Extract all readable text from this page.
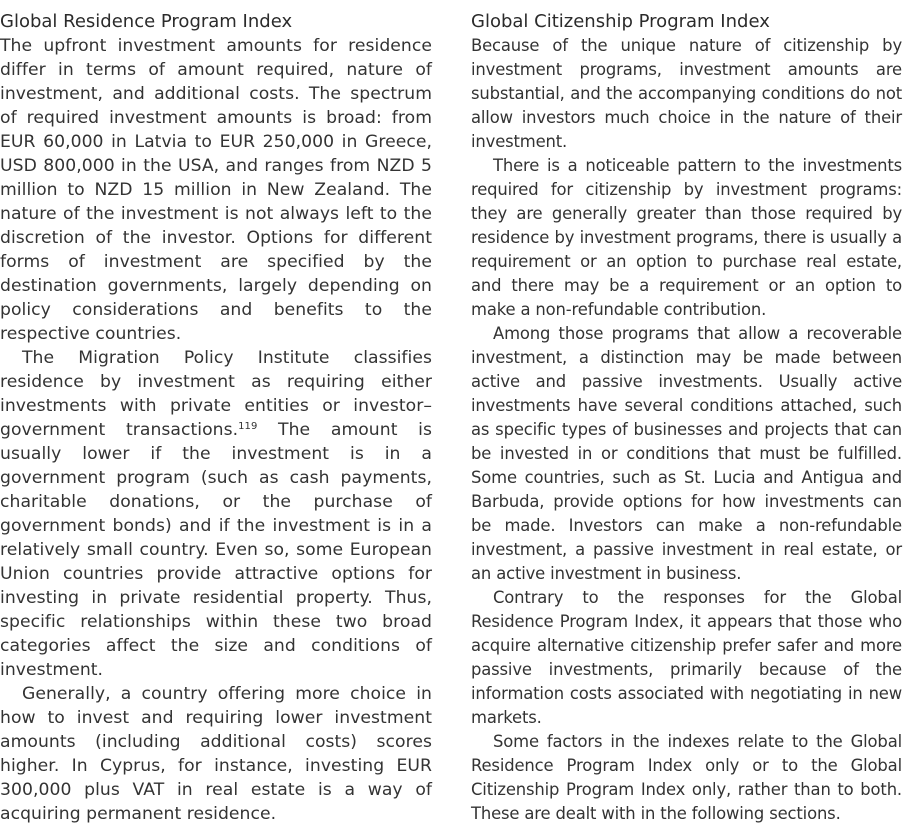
Global Residence Program Index

The upfront investment amounts for residence differ in terms of amount required, nature of investment, and additional costs. The spectrum of required investment amounts is broad: from EUR 60,000 in Latvia to EUR 250,000 in Greece, USD 800,000 in the USA, and ranges from NZD 5 million to NZD 15 million in New Zealand. The nature of the investment is not always left to the discretion of the investor. Options for different forms of investment are specified by the destination governments, largely depending on policy considerations and benefits to the respective countries.

The Migration Policy Institute classifies residence by investment as requiring either investments with private entities or investor–government transactions.$^{119}$ The amount is usually lower if the investment is in a government program (such as cash payments, charitable donations, or the purchase of government bonds) and if the investment is in a relatively small country. Even so, some European Union countries provide attractive options for investing in private residential property. Thus, specific relationships within these two broad categories affect the size and conditions of investment.

Generally, a country offering more choice in how to invest and requiring lower investment amounts (including additional costs) scores higher. In Cyprus, for instance, investing EUR 300,000 plus VAT in real estate is a way of acquiring permanent residence.

Global Citizenship Program Index

Because of the unique nature of citizenship by investment programs, investment amounts are substantial, and the accompanying conditions do not allow investors much choice in the nature of their investment.

There is a noticeable pattern to the investments required for citizenship by investment programs: they are generally greater than those required by residence by investment programs, there is usually a requirement or an option to purchase real estate, and there may be a requirement or an option to make a non-refundable contribution.

Among those programs that allow a recoverable investment, a distinction may be made between active and passive investments. Usually active investments have several conditions attached, such as specific types of businesses and projects that can be invested in or conditions that must be fulfilled. Some countries, such as St. Lucia and Antigua and Barbuda, provide options for how investments can be made. Investors can make a non-refundable investment, a passive investment in real estate, or an active investment in business.

Contrary to the responses for the Global Residence Program Index, it appears that those who acquire alternative citizenship prefer safer and more passive investments, primarily because of the information costs associated with negotiating in new markets.

Some factors in the indexes relate to the Global Residence Program Index only or to the Global Citizenship Program Index only, rather than to both. These are dealt with in the following sections.
